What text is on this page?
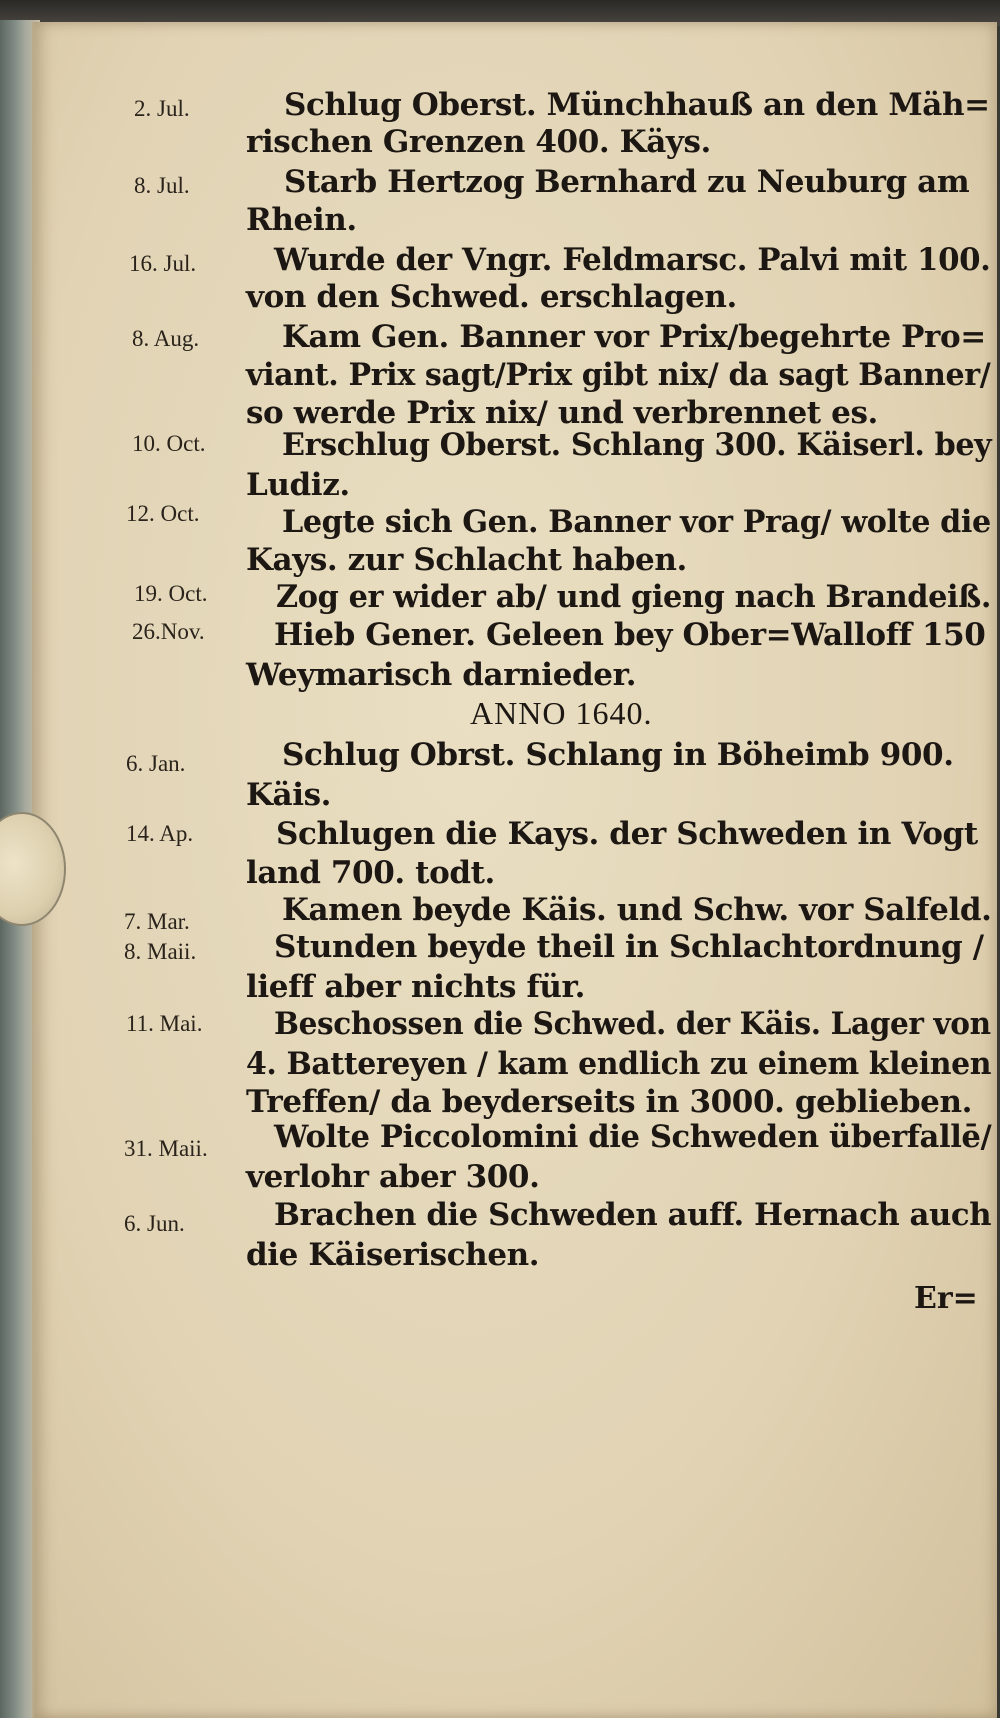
2. Jul.	Schlug Oberst. Münchhauß an den Mäh=
rischen Grenzen 400. Käys.
8. Jul.	Starb Hertzog Bernhard zu Neuburg am
Rhein.
16. Jul.	Wurde der Vngr. Feldmarsc. Palvi mit 100.
von den Schwed. erschlagen.
8. Aug.	Kam Gen. Banner vor Prix/begehrte Pro=
viant. Prix sagt/Prix gibt nix/ da sagt Banner/
so werde Prix nix/ und verbrennet es.
10. Oct. Erschlug Oberst. Schlang 300. Käiserl. bey
Ludiz.
12. Oct.	Legte sich Gen. Banner vor Prag/ wolte die
Kays. zur Schlacht haben.
19. Oct. Zog er wider ab/ und gieng nach Brandeiß.
26.Nov. Hieb Gener. Geleen bey Ober=Walloff 150
Weymarisch darnieder.
ANNO 1640.
6. Jan.	Schlug Obrst. Schlang in Böheimb 900.
Käis.
14. Ap.	Schlugen die Kays. der Schweden in Vogt
land 700. todt.
7. Mar.	Kamen beyde Käis. und Schw. vor Salfeld.
8. Maii.	Stunden beyde theil in Schlachtordnung /
lieff aber nichts für.
11. Mai. Beschossen die Schwed. der Käis. Lager von
4. Battereyen / kam endlich zu einem kleinen
Treffen/ da beyderseits in 3000. geblieben.
31. Maii. Wolte Piccolomini die Schweden überfallē/
verlohr aber 300.
6. Jun.	Brachen die Schweden auff. Hernach auch
die Käiserischen.
Er=
